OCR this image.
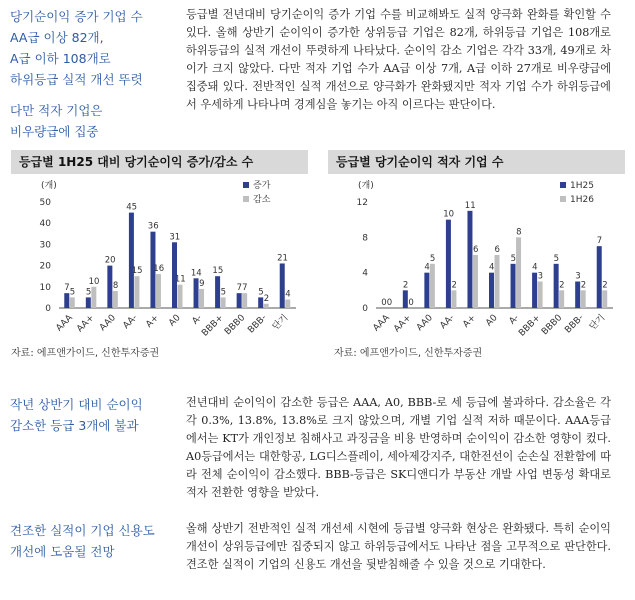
당기순이익 증가 기업 수

AA급 이상 82개,

A급 이하 108개로

하위등급 실적 개선 뚜렷

다만 적자 기업은

비우량급에 집중

등급별 전년대비 당기순이익 증가 기업 수를 비교해봐도 실적 양극화 완화를 확인할 수 있다. 올해 상반기 순이익이 증가한 상위등급 기업은 82개, 하위등급 기업은 108개로 하위등급의 실적 개선이 뚜렷하게 나타났다. 순이익 감소 기업은 각각 33개, 49개로 차이가 크지 않았다. 다만 적자 기업 수가 AA급 이상 7개, A급 이하 27개로 비우량급에 집중돼 있다. 전반적인 실적 개선으로 양극화가 완화됐지만 적자 기업 수가 하위등급에서 우세하게 나타나며 경계심을 놓기는 아직 이르다는 판단이다.
등급별 1H25 대비 당기순이익 증가/감소 수
(개)
0
10
20
30
40
50
7 5
AAA
5
10
AA+
20
8
AA0
45
15
AA-
36
16
A+
31
11
A0
14
9
A-
15
5
BBB+
7 7
BBB0
5
2
BBB-
21
4
단기
증가
감소
자료: 에프앤가이드, 신한투자증권
등급별 당기순이익 적자 기업 수
(개)
0
4
8
12
0 0
AAA
2
0
AA+
4
5
AA0
10
2
AA-
11
6
A+
4
6
A0
5
8
A-
4
3
BBB+
5
2
BBB0
3
2
BBB-
7
2
단기
1H25
1H26
자료: 에프앤가이드, 신한투자증권

작년 상반기 대비 순이익

감소한 등급 3개에 불과

전년대비 순이익이 감소한 등급은 AAA, A0, BBB-로 세 등급에 불과하다. 감소율은 각각 0.3%, 13.8%, 13.8%로 크지 않았으며, 개별 기업 실적 저하 때문이다. AAA등급에서는 KT가 개인정보 침해사고 과징금을 비용 반영하며 순이익이 감소한 영향이 컸다. A0등급에서는 대한항공, LG디스플레이, 세아제강지주, 대한전선이 순손실 전환함에 따라 전체 순이익이 감소했다. BBB-등급은 SK디앤디가 부동산 개발 사업 변동성 확대로 적자 전환한 영향을 받았다.

견조한 실적이 기업 신용도

개선에 도움될 전망

올해 상반기 전반적인 실적 개선세 시현에 등급별 양극화 현상은 완화됐다. 특히 순이익 개선이 상위등급에만 집중되지 않고 하위등급에서도 나타난 점을 고무적으로 판단한다. 견조한 실적이 기업의 신용도 개선을 뒷받침해줄 수 있을 것으로 기대한다.
